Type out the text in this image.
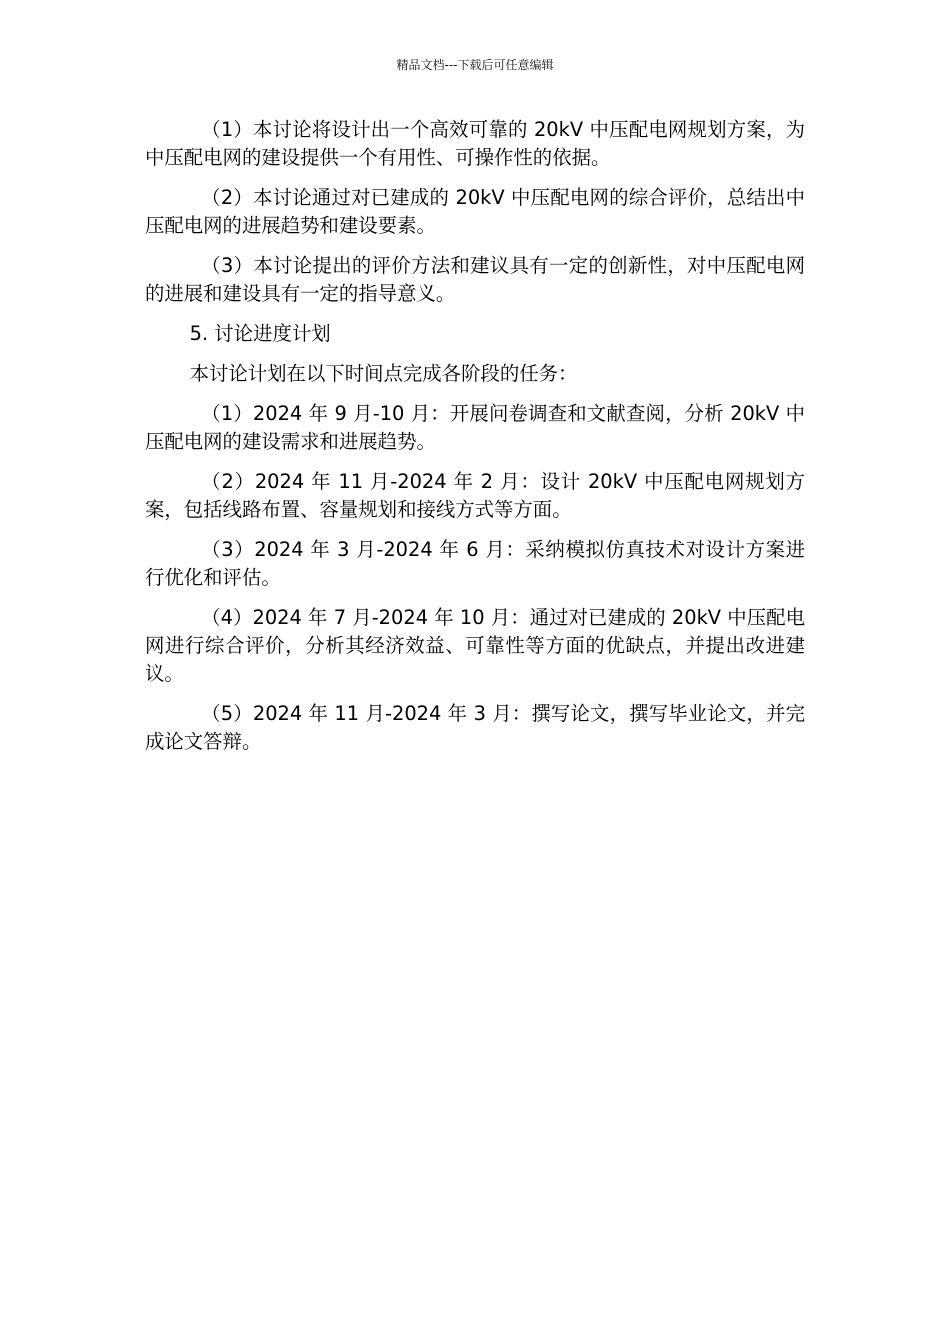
精品文档---下载后可任意编辑

（1）本讨论将设计出一个高效可靠的 20kV 中压配电网规划方案，为中压配电网的建设提供一个有用性、可操作性的依据。

（2）本讨论通过对已建成的 20kV 中压配电网的综合评价，总结出中压配电网的进展趋势和建设要素。

（3）本讨论提出的评价方法和建议具有一定的创新性，对中压配电网的进展和建设具有一定的指导意义。

5. 讨论进度计划

本讨论计划在以下时间点完成各阶段的任务：

（1）2024 年 9 月-10 月：开展问卷调查和文献查阅，分析 20kV 中压配电网的建设需求和进展趋势。

（2）2024 年 11 月-2024 年 2 月：设计 20kV 中压配电网规划方案，包括线路布置、容量规划和接线方式等方面。

（3）2024 年 3 月-2024 年 6 月：采纳模拟仿真技术对设计方案进行优化和评估。

（4）2024 年 7 月-2024 年 10 月：通过对已建成的 20kV 中压配电网进行综合评价，分析其经济效益、可靠性等方面的优缺点，并提出改进建议。

（5）2024 年 11 月-2024 年 3 月：撰写论文，撰写毕业论文，并完成论文答辩。
